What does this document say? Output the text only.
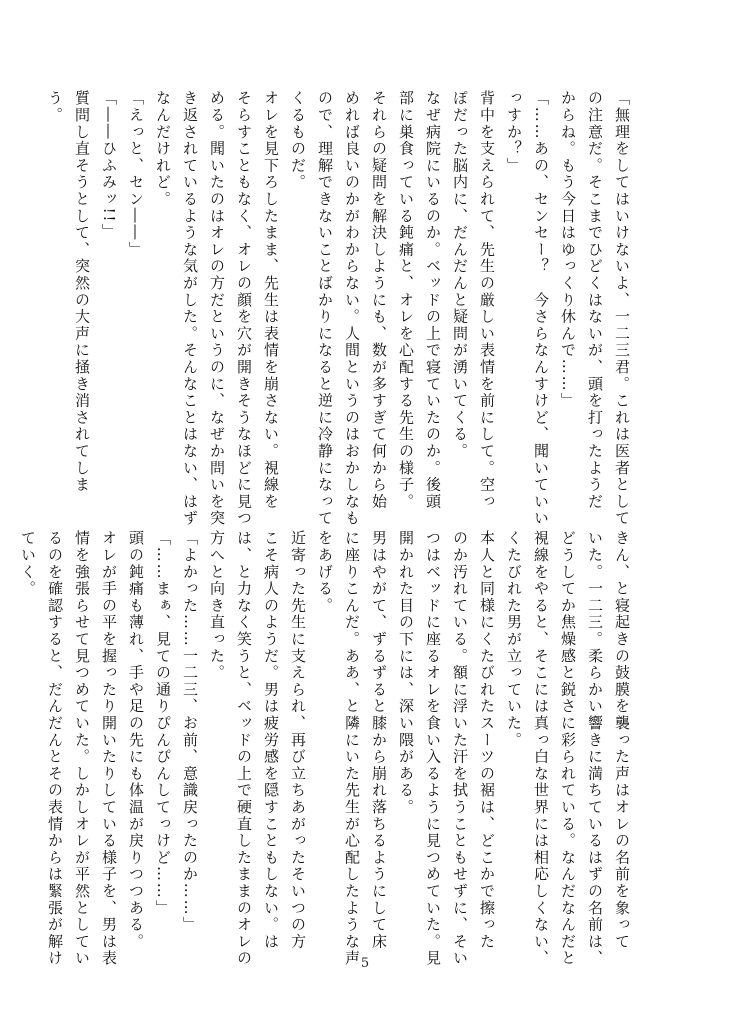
「無理をしてはいけないよ、一二三君。これは医者として

の注意だ。そこまでひどくはないが、頭を打ったようだ

からね。もう今日はゆっくり休んで……」

「……あの、センセー？　今さらなんすけど、聞いていい

っすか？」

背中を支えられて、先生の厳しい表情を前にして。空っ

ぽだった脳内に、だんだんと疑問が湧いてくる。

なぜ病院にいるのか。ベッドの上で寝ていたのか。後頭

部に巣食っている鈍痛と、オレを心配する先生の様子。

それらの疑問を解決しようにも、数が多すぎて何から始

めれば良いのかがわからない。人間というのはおかしなも

ので、理解できないことばかりになると逆に冷静になって

くるものだ。

オレを見下ろしたまま、先生は表情を崩さない。視線を

そらすこともなく、オレの顔を穴が開きそうなほどに見つ

める。聞いたのはオレの方だというのに、なぜか問いを突

き返されているような気がした。そんなことはない、はず

なんだけれど。

「えっと、セン――」

「――ひふみッ!!」

質問し直そうとして、突然の大声に掻き消されてしま

う。

きん、と寝起きの鼓膜を襲った声はオレの名前を象って

いた。一二三。柔らかい響きに満ちているはずの名前は、

どうしてか焦燥感と鋭さに彩られている。なんだなんだと

視線をやると、そこには真っ白な世界には相応しくない、

くたびれた男が立っていた。

本人と同様にくたびれたスーツの裾は、どこかで擦った

のか汚れている。額に浮いた汗を拭うこともせずに、そい

つはベッドに座るオレを食い入るように見つめていた。見

開かれた目の下には、深い隈がある。

男はやがて、ずるずると膝から崩れ落ちるようにして床

に座りこんだ。ああ、と隣にいた先生が心配したような声

をあげる。

近寄った先生に支えられ、再び立ちあがったそいつの方

こそ病人のようだ。男は疲労感を隠すこともしない。は

は、と力なく笑うと、ベッドの上で硬直したままのオレの

方へと向き直った。

「よかった……一二三、お前、意識戻ったのか……」

「……まぁ、見ての通りぴんぴんしてっけど……」

頭の鈍痛も薄れ、手や足の先にも体温が戻りつつある。

オレが手の平を握ったり開いたりしている様子を、男は表

情を強張らせて見つめていた。しかしオレが平然としてい

るのを確認すると、だんだんとその表情からは緊張が解け

ていく。

5
